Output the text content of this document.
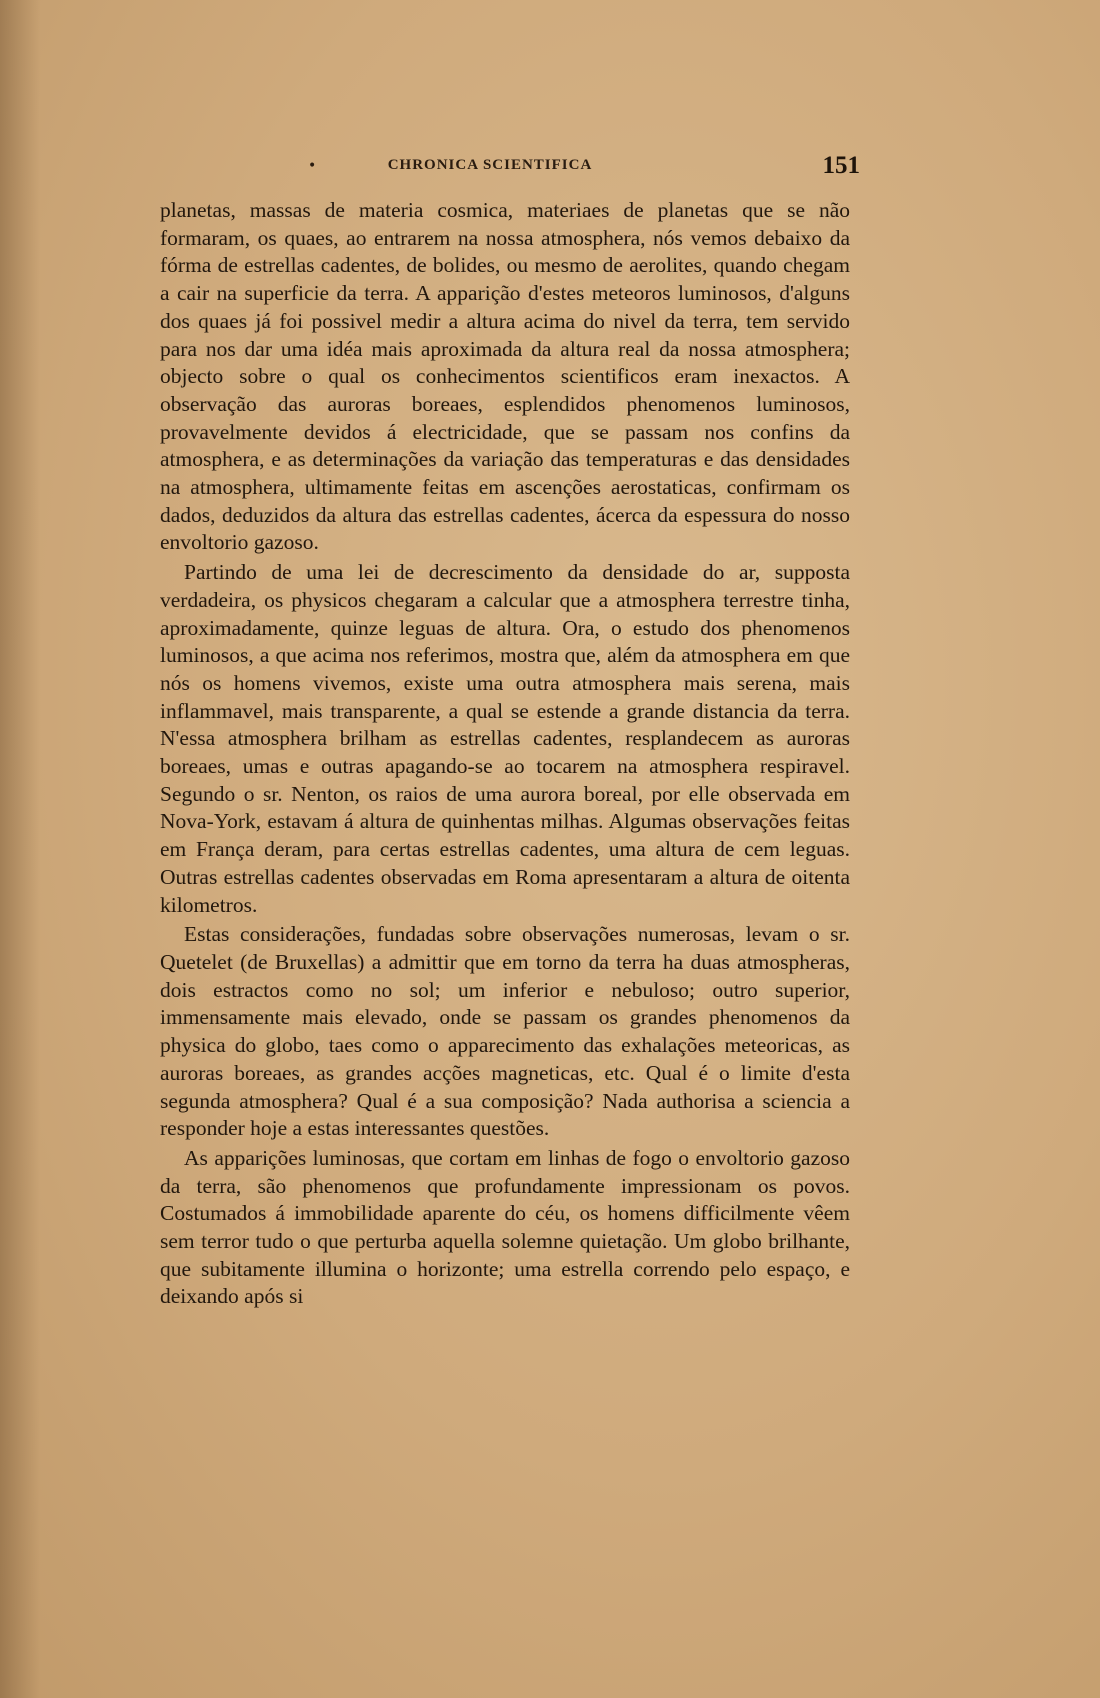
•	CHRONICA SCIENTIFICA	151

planetas, massas de materia cosmica, materiaes de planetas que se não formaram, os quaes, ao entrarem na nossa atmosphera, nós vemos debaixo da fórma de estrellas cadentes, de bolides, ou mesmo de aerolites, quando chegam a cair na superficie da terra. A apparição d'estes meteoros luminosos, d'alguns dos quaes já foi possivel medir a altura acima do nivel da terra, tem servido para nos dar uma idéa mais aproximada da altura real da nossa atmosphera; objecto sobre o qual os conhecimentos scientificos eram inexactos. A observação das auroras boreaes, esplendidos phenomenos luminosos, provavelmente devidos á electricidade, que se passam nos confins da atmosphera, e as determinações da variação das temperaturas e das densidades na atmosphera, ultimamente feitas em ascenções aerostaticas, confirmam os dados, deduzidos da altura das estrellas cadentes, ácerca da espessura do nosso envoltorio gazoso.

Partindo de uma lei de decrescimento da densidade do ar, supposta verdadeira, os physicos chegaram a calcular que a atmosphera terrestre tinha, aproximadamente, quinze leguas de altura. Ora, o estudo dos phenomenos luminosos, a que acima nos referimos, mostra que, além da atmosphera em que nós os homens vivemos, existe uma outra atmosphera mais serena, mais inflammavel, mais transparente, a qual se estende a grande distancia da terra. N'essa atmosphera brilham as estrellas cadentes, resplandecem as auroras boreaes, umas e outras apagando-se ao tocarem na atmosphera respiravel. Segundo o sr. Nenton, os raios de uma aurora boreal, por elle observada em Nova-York, estavam á altura de quinhentas milhas. Algumas observações feitas em França deram, para certas estrellas cadentes, uma altura de cem leguas. Outras estrellas cadentes observadas em Roma apresentaram a altura de oitenta kilometros.

Estas considerações, fundadas sobre observações numerosas, levam o sr. Quetelet (de Bruxellas) a admittir que em torno da terra ha duas atmospheras, dois estractos como no sol; um inferior e nebuloso; outro superior, immensamente mais elevado, onde se passam os grandes phenomenos da physica do globo, taes como o apparecimento das exhalações meteoricas, as auroras boreaes, as grandes acções magneticas, etc. Qual é o limite d'esta segunda atmosphera? Qual é a sua composição? Nada authorisa a sciencia a responder hoje a estas interessantes questões.

As apparições luminosas, que cortam em linhas de fogo o envoltorio gazoso da terra, são phenomenos que profundamente impressionam os povos. Costumados á immobilidade aparente do céu, os homens difficilmente vêem sem terror tudo o que perturba aquella solemne quietação. Um globo brilhante, que subitamente illumina o horizonte; uma estrella correndo pelo espaço, e deixando após si
